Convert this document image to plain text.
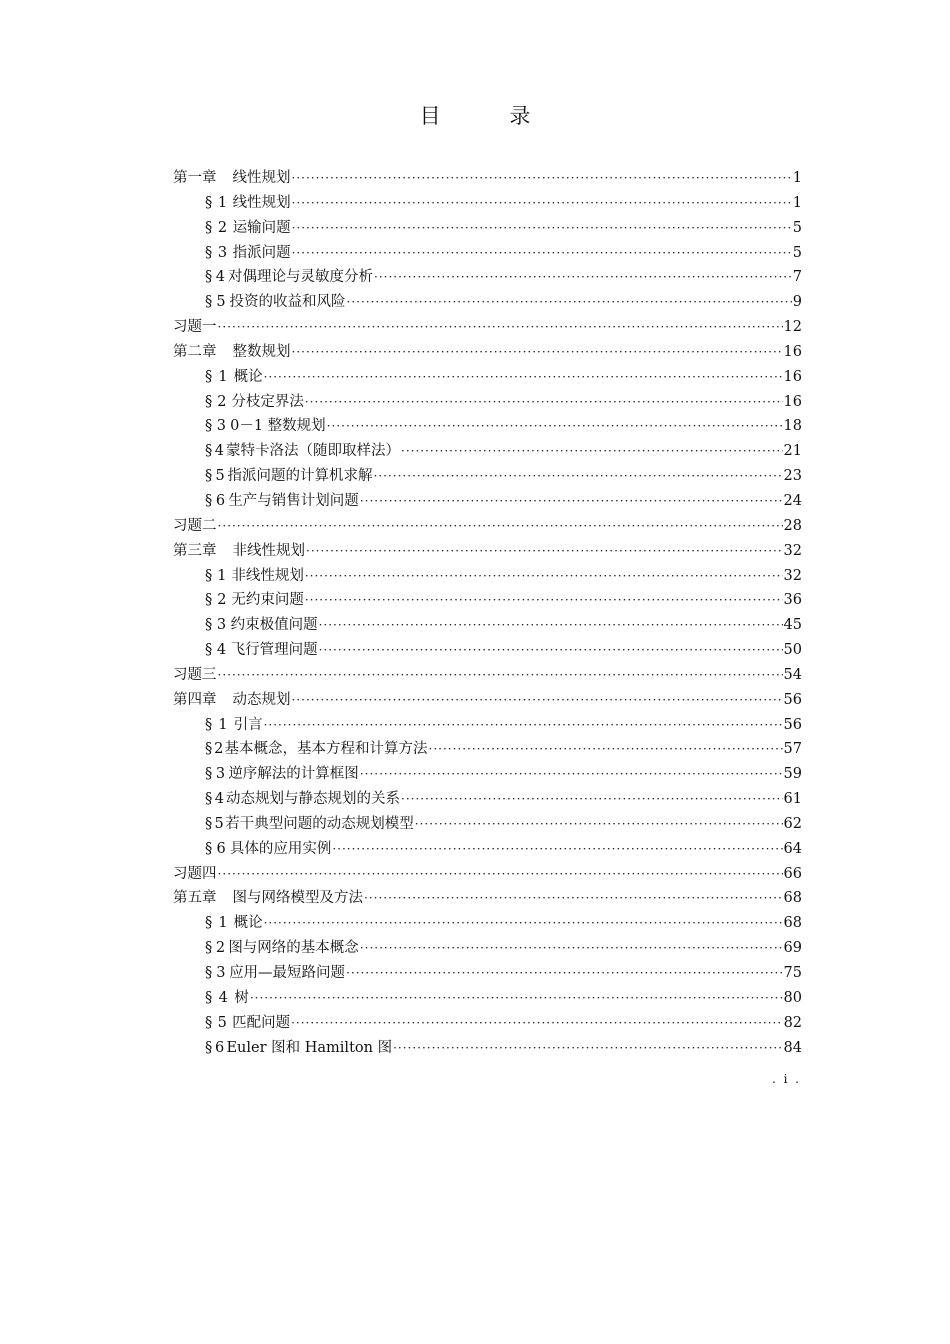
目	录
第一章 线性规划 ·····	1
§ 1 线性规划 ·····	1
§ 2 运输问题 ·····	5
§ 3 指派问题 ·····	5
§ 4 对偶理论与灵敏度分析 ·····	7
§ 5 投资的收益和风险 ·····	9
习题一 ·····	12
第二章 整数规划 ·····	16
§ 1 概论 ·····	16
§ 2 分枝定界法 ·····	16
§ 3 0－1 整数规划 ·····	18
§ 4 蒙特卡洛法（随即取样法） ·····	21
§ 5 指派问题的计算机求解 ·····	23
§ 6 生产与销售计划问题 ·····	24
习题二 ·····	28
第三章 非线性规划 ·····	32
§ 1 非线性规划 ·····	32
§ 2 无约束问题 ·····	36
§ 3 约束极值问题 ·····	45
§ 4 飞行管理问题 ·····	50
习题三 ·····	54
第四章 动态规划 ·····	56
§ 1 引言 ·····	56
§ 2 基本概念，基本方程和计算方法 ·····	57
§ 3 逆序解法的计算框图 ·····	59
§ 4 动态规划与静态规划的关系 ·····	61
§ 5 若干典型问题的动态规划模型 ·····	62
§ 6 具体的应用实例 ·····	64
习题四 ·····	66
第五章 图与网络模型及方法 ·····	68
§ 1 概论 ·····	68
§ 2 图与网络的基本概念 ·····	69
§ 3 应用—最短路问题 ·····	75
§ 4 树 ·····	80
§ 5 匹配问题 ·····	82
§ 6 Euler 图和 Hamilton 图 ·····	84
. i .
